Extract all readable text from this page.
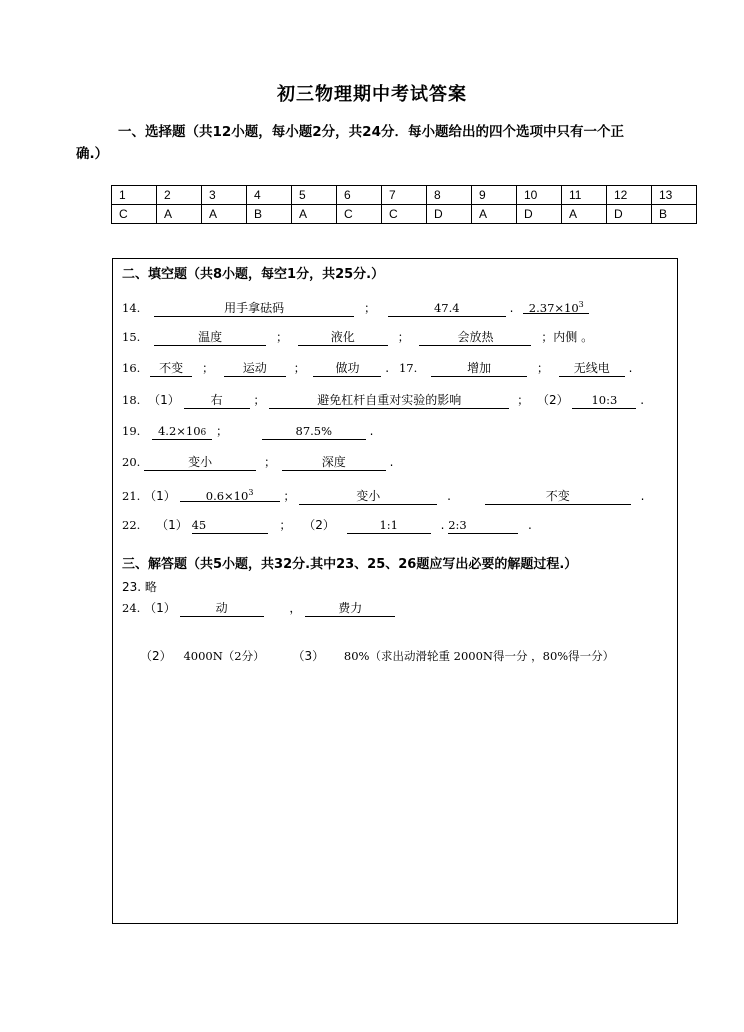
初三物理期中考试答案
一、选择题（共12小题，每小题2分，共24分．每小题给出的四个选项中只有一个正
确.）
1	2	3	4	5	6	7	8	9	10	11	12	13
C	A	A	B	A	C	C	D	A	D	A	D	B
二、填空题（共8小题，每空1分，共25分.）
14.	用手拿砝码	；	47.4	. $2.37\times 10^3$
15.	温度	；	液化	；	会放热	；内侧 。
16. 不变 ； 运动 ； 做功 . 17.	增加	； 无线电 .
18. （1）	右	；	避免杠杆自重对实验的影响	； （2） 10:3 .
19. 4.2×106 ；	87.5%	.
20.	变小	；	深度	.
21. （1）	$0.6\times 10^3$	；	变小	.	不变	.
22. （1） 45	； （2）	1:1	. 2:3	.
三、解答题（共5小题，共32分.其中23、25、26题应写出必要的解题过程.）
23. 略
24. （1）	动	，	费力
（2） 4000N（2分） （3） 80%（求出动滑轮重 2000N得一分 ，80%得一分）
